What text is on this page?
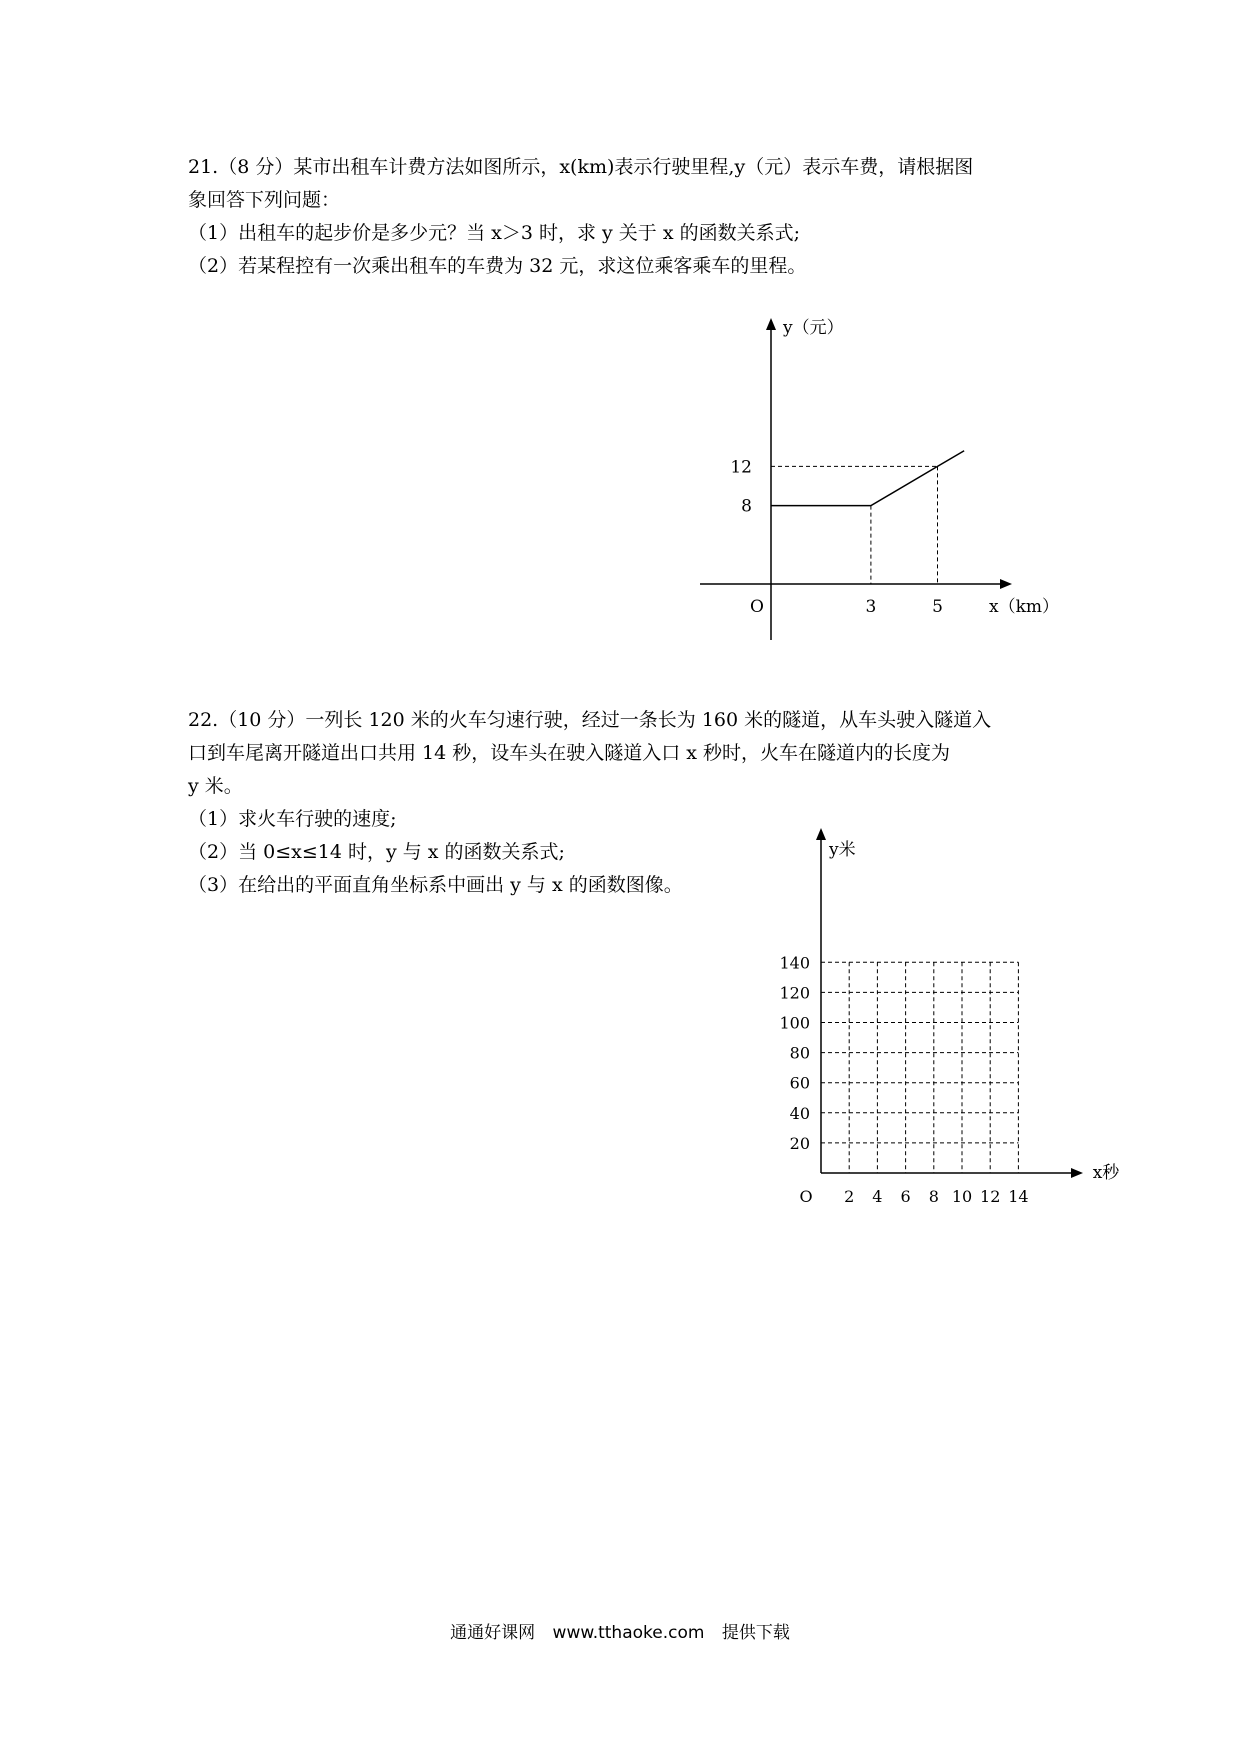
21.（8 分）某市出租车计费方法如图所示，x(km)表示行驶里程,y（元）表示车费，请根据图

象回答下列问题：

（1）出租车的起步价是多少元？当 x＞3 时，求 y 关于 x 的函数关系式;

（2）若某程控有一次乘出租车的车费为 32 元，求这位乘客乘车的里程。

22.（10 分）一列长 120 米的火车匀速行驶，经过一条长为 160 米的隧道，从车头驶入隧道入

口到车尾离开隧道出口共用 14 秒，设车头在驶入隧道入口 x 秒时，火车在隧道内的长度为

y 米。

（1）求火车行驶的速度;

（2）当 0≤x≤14 时，y 与 x 的函数关系式;

（3）在给出的平面直角坐标系中画出 y 与 x 的函数图像。

3	5
8
12
O	x（km）
y（元）
2 4 6 8 10 12 14
20
40
60
80
100
120
140
O
x秒
y米
通通好课网 www.tthaoke.com 提供下载
